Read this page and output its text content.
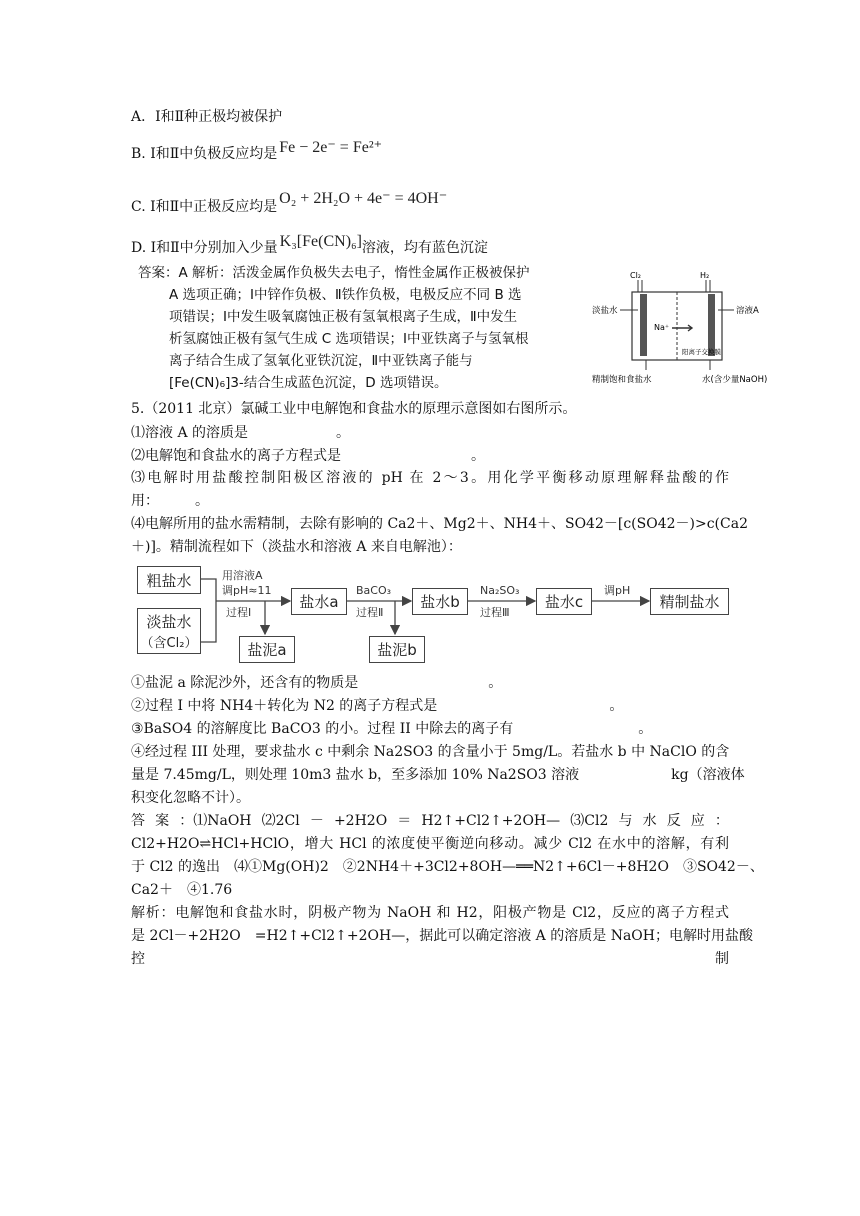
A．Ⅰ和Ⅱ种正极均被保护
B. Ⅰ和Ⅱ中负极反应均是 Fe − 2e⁻ = Fe²⁺
C. Ⅰ和Ⅱ中正极反应均是 O₂ + 2H₂O + 4e⁻ = 4OH⁻
D. Ⅰ和Ⅱ中分别加入少量 K₃[Fe(CN)₆]溶液，均有蓝色沉淀
答案：A 解析：活泼金属作负极失去电子，惰性金属作正极被保护
A 选项正确；Ⅰ中锌作负极、Ⅱ铁作负极，电极反应不同 B 选
项错误；Ⅰ中发生吸氧腐蚀正极有氢氧根离子生成，Ⅱ中发生
析氢腐蚀正极有氢气生成 C 选项错误；Ⅰ中亚铁离子与氢氧根
离子结合生成了氢氧化亚铁沉淀，Ⅱ中亚铁离子能与
[Fe(CN)₆]3-结合生成蓝色沉淀，D 选项错误。
Cl₂	H₂
淡盐水	溶液A
Na⁺
阳离子交换膜
精制饱和食盐水	水(含少量NaOH)
5.（2011 北京）氯碱工业中电解饱和食盐水的原理示意图如右图所示。
⑴溶液 A 的溶质是	。
⑵电解饱和食盐水的离子方程式是	。
⑶电解时用盐酸控制阳极区溶液的 pH 在 2～3。用化学平衡移动原理解释盐酸的作
用：	。
⑷电解所用的盐水需精制，去除有影响的 Ca2＋、Mg2＋、NH4＋、SO42－[c(SO42－)>c(Ca2
＋)]。精制流程如下（淡盐水和溶液 A 来自电解池）：
粗盐水
淡盐水
（含Cl₂）
盐水a	盐水b	盐水c	精制盐水
盐泥a	盐泥b
用溶液A
调pH≈11
过程Ⅰ
BaCO₃
过程Ⅱ
Na₂SO₃
过程Ⅲ
调pH
①盐泥 a 除泥沙外，还含有的物质是	。
②过程 I 中将 NH4＋转化为 N2 的离子方程式是	。
③BaSO4 的溶解度比 BaCO3 的小。过程 II 中除去的离子有	。
④经过程 III 处理，要求盐水 c 中剩余 Na2SO3 的含量小于 5mg/L。若盐水 b 中 NaClO 的含
量是 7.45mg/L，则处理 10m3 盐水 b，至多添加 10% Na2SO3 溶液	kg（溶液体
积变化忽略不计）。
答 案 ：⑴NaOH ⑵2Cl － +2H2O ＝ H2↑+Cl2↑+2OH— ⑶Cl2 与 水 反 应 ：
Cl2+H2O⇌HCl+HClO，增大 HCl 的浓度使平衡逆向移动。减少 Cl2 在水中的溶解，有利
于 Cl2 的逸出　⑷①Mg(OH)2　②2NH4＋+3Cl2+8OH—══N2↑+6Cl－+8H2O　③SO42－、
Ca2＋　④1.76
解析：电解饱和食盐水时，阴极产物为 NaOH 和 H2，阳极产物是 Cl2，反应的离子方程式
是 2Cl－+2H2O　=H2↑+Cl2↑+2OH—，据此可以确定溶液 A 的溶质是 NaOH；电解时用盐酸
控	制
